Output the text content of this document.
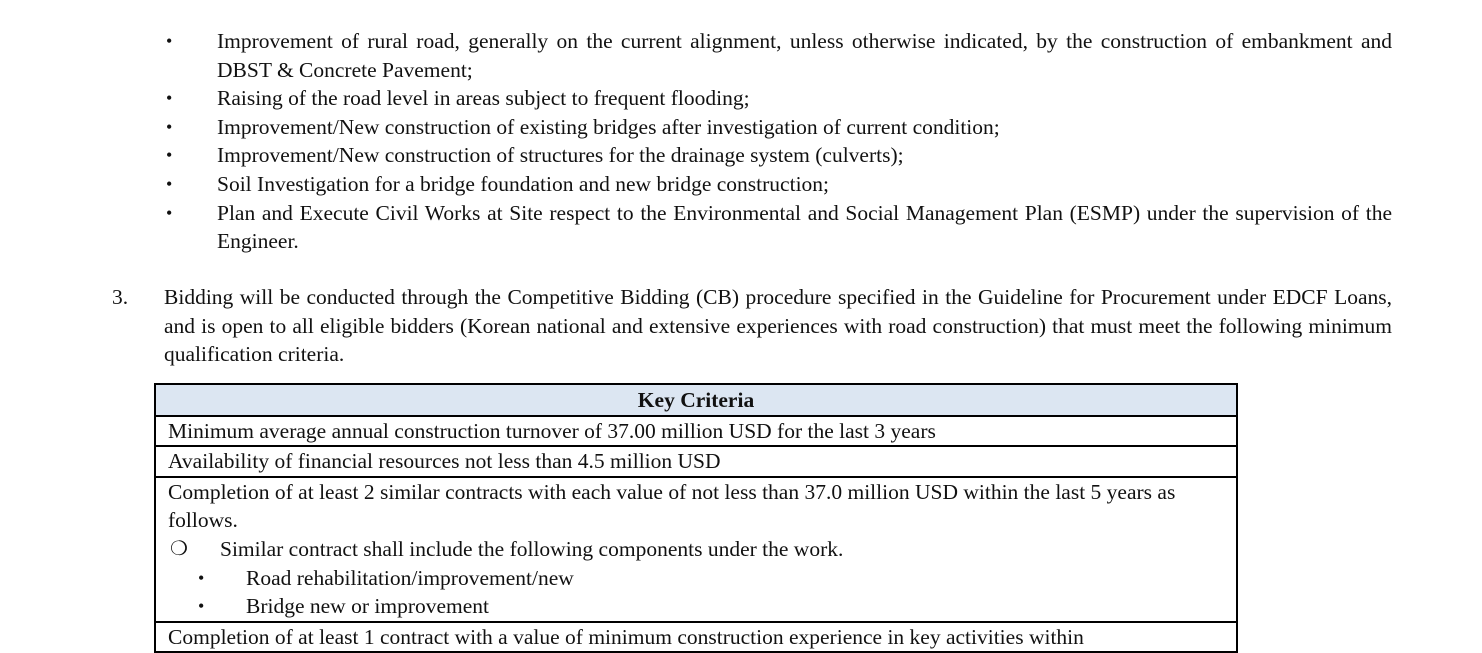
•	Improvement of rural road, generally on the current alignment, unless otherwise indicated, by the construction of embankment and DBST & Concrete Pavement;
•	Raising of the road level in areas subject to frequent flooding;
•	Improvement/New construction of existing bridges after investigation of current condition;
•	Improvement/New construction of structures for the drainage system (culverts);
•	Soil Investigation for a bridge foundation and new bridge construction;
•	Plan and Execute Civil Works at Site respect to the Environmental and Social Management Plan (ESMP) under the supervision of the Engineer.
3. Bidding will be conducted through the Competitive Bidding (CB) procedure specified in the Guideline for Procurement under EDCF Loans, and is open to all eligible bidders (Korean national and extensive experiences with road construction) that must meet the following minimum qualification criteria.
Key Criteria
Minimum average annual construction turnover of 37.00 million USD for the last 3 years
Availability of financial resources not less than 4.5 million USD

Completion of at least 2 similar contracts with each value of not less than 37.0 million USD within the last 5 years as follows.
❍	Similar contract shall include the following components under the work.
•	Road rehabilitation/improvement/new
•	Bridge new or improvement

Completion of at least 1 contract with a value of minimum construction experience in key activities within
